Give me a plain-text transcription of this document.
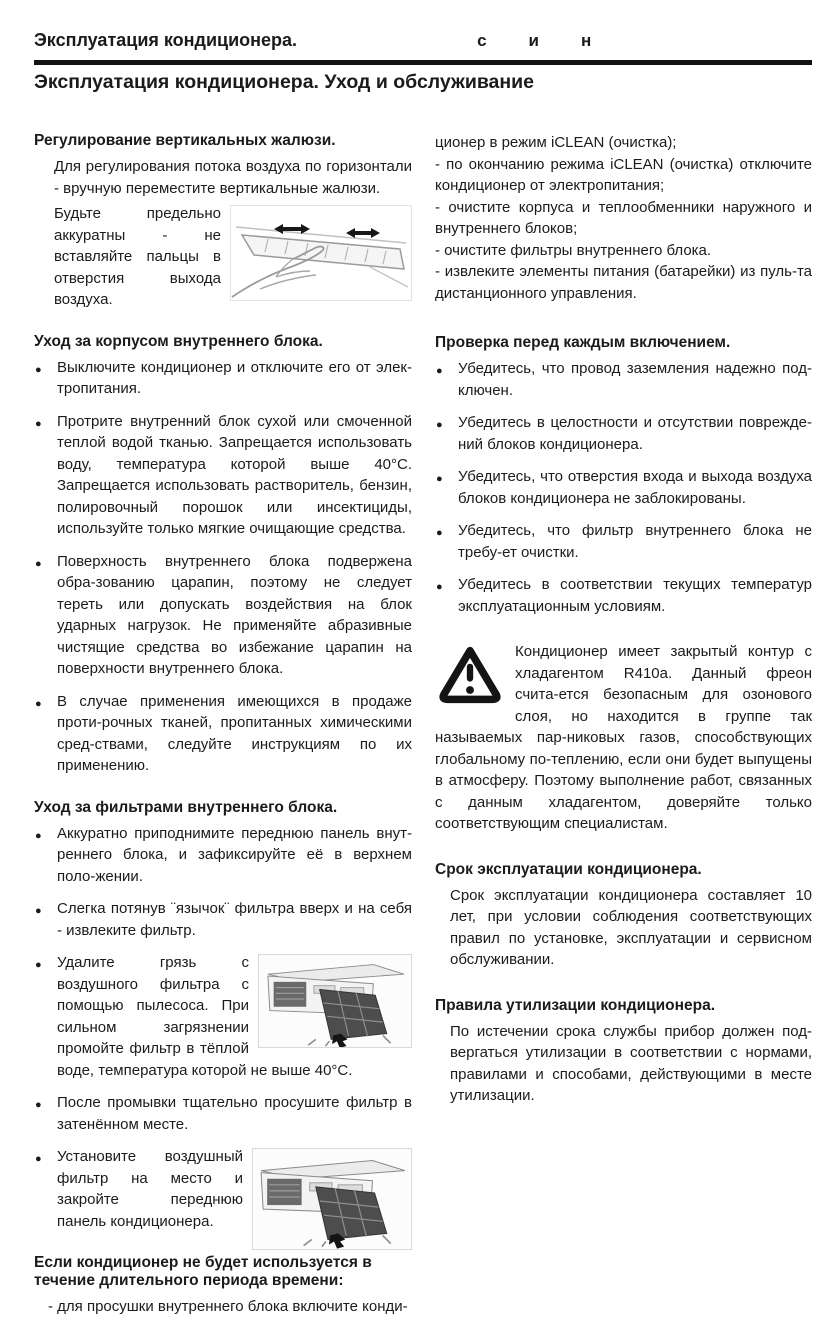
Эксплуатация кондиционера.	с и н
Эксплуатация кондиционера. Уход и обслуживание
Регулирование вертикальных жалюзи.

Для регулирования потока воздуха по горизонтали - вручную переместите вертикальные жалюзи.

Будьте предельно аккуратны - не вставляйте пальцы в отверстия выхода воздуха.

Уход за корпусом внутреннего блока.
● Выключите кондиционер и отключите его от элек-тропитания.
● Протрите внутренний блок сухой или смоченной теплой водой тканью. Запрещается использовать воду, температура которой выше 40°С. Запрещается использовать растворитель, бензин, полировочный порошок или инсектициды, используйте только мягкие очищающие средства.
● Поверхность внутреннего блока подвержена обра-зованию царапин, поэтому не следует тереть или допускать воздействия на блок ударных нагрузок. Не применяйте абразивные чистящие средства во избежание царапин на поверхности внутреннего блока.
● В случае применения имеющихся в продаже проти-рочных тканей, пропитанных химическими сред-ствами, следуйте инструкциям по их применению.
Уход за фильтрами внутреннего блока.
● Аккуратно приподнимите переднюю панель внут-реннего блока, и зафиксируйте её в верхнем поло-жении.
● Слегка потянув ¨язычок¨ фильтра вверх и на себя - извлеките фильтр.
● Удалите грязь с воздушного фильтра с помощью пылесоса. При сильном загрязнении промойте фильтр в тёплой воде, температура которой не выше 40°С.
● После промывки тщательно просушите фильтр в затенённом месте.
● Установите воздушный фильтр на место и закройте переднюю панель кондиционера.
Если кондиционер не будет используется в течение длительного периода времени:

- для просушки внутреннего блока включите конди-

ционер в режим iCLEAN (очистка);

- по окончанию режима iCLEAN (очистка) отключите кондиционер от электропитания;

- очистите корпуса и теплообменники наружного и внутреннего блоков;

- очистите фильтры внутреннего блока.

- извлеките элементы питания (батарейки) из пуль-та дистанционного управления.

Проверка перед каждым включением.
● Убедитесь, что провод заземления надежно под-ключен.
● Убедитесь в целостности и отсутствии поврежде-ний блоков кондиционера.
● Убедитесь, что отверстия входа и выхода воздуха блоков кондиционера не заблокированы.
● Убедитесь, что фильтр внутреннего блока не требу-ет очистки.
● Убедитесь в соответствии текущих температур эксплуатационным условиям.

Кондиционер имеет закрытый контур с хладагентом R410a. Данный фреон счита-ется безопасным для озонового слоя, но находится в группе так называемых пар-никовых газов, способствующих глобальному по-теплению, если они будет выпущены в атмосферу. Поэтому выполнение работ, связанных с данным хладагентом, доверяйте только соответствующим специалистам.

Срок эксплуатации кондиционера.

Срок эксплуатации кондиционера составляет 10 лет, при условии соблюдения соответствующих правил по установке, эксплуатации и сервисном обслуживании.

Правила утилизации кондиционера.

По истечении срока службы прибор должен под-вергаться утилизации в соответствии с нормами, правилами и способами, действующими в месте утилизации.
